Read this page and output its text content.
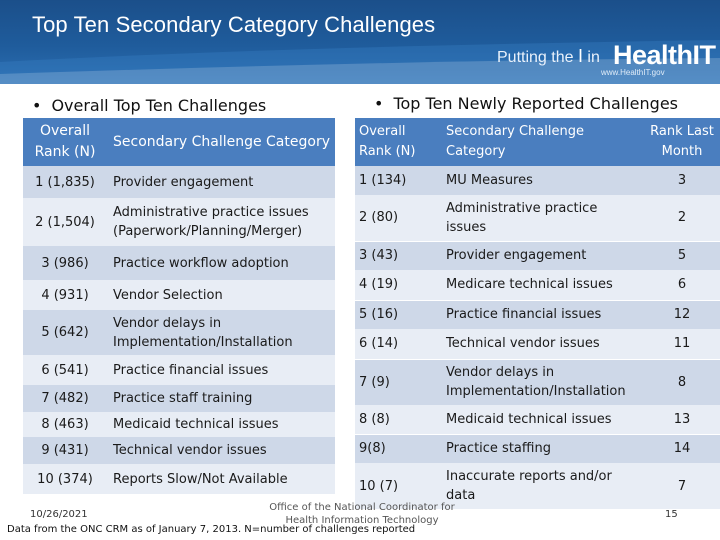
Top Ten Secondary Category Challenges
Putting the I in HealthIT
www.HealthIT.gov
• Overall Top Ten Challenges	• Top Ten Newly Reported Challenges
Overall Rank (N)	Secondary Challenge Category
1 (1,835)	Provider engagement
2 (1,504)	Administrative practice issues (Paperwork/Planning/Merger)
3 (986)	Practice workflow adoption
4 (931)	Vendor Selection
5 (642)	Vendor delays in Implementation/Installation
6 (541)	Practice financial issues
7 (482)	Practice staff training
8 (463)	Medicaid technical issues
9 (431)	Technical vendor issues
10 (374)	Reports Slow/Not Available
Overall Rank (N)	Secondary Challenge Category	Rank Last Month
1 (134)	MU Measures	3
2 (80)	Administrative practice issues	2
3 (43)	Provider engagement	5
4 (19)	Medicare technical issues	6
5 (16)	Practice financial issues	12
6 (14)	Technical vendor issues	11
7 (9)	Vendor delays in Implementation/Installation	8
8 (8)	Medicaid technical issues	13
9(8)	Practice staffing	14
10 (7)	Inaccurate reports and/or data	7
10/26/2021
Office of the National Coordinator for
Health Information Technology
Data from the ONC CRM as of January 7, 2013. N=number of challenges reported
15
